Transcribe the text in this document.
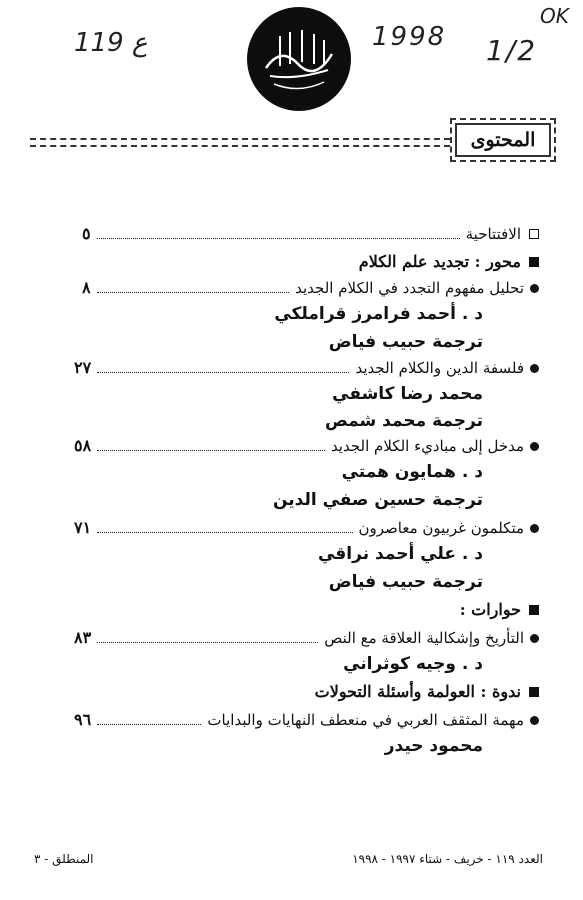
119 ع	1998 1/2
OK
المحتوى
الافتتاحية
٥
محور : تجديد علم الكلام
تحليل مفهوم التجدد في الكلام الجديد
٨
د . أحمد فرامرز قراملكي
ترجمة حبيب فياض
فلسفة الدين والكلام الجديد
٢٧
محمد رضا كاشفي
ترجمة محمد شمص
مدخل إلى مباديء الكلام الجديد
٥٨
د . همايون همتي
ترجمة حسين صفي الدين
متكلمون غربيون معاصرون
٧١
د . علي أحمد نراقي
ترجمة حبيب فياض
حوارات :
التأريخ وإشكالية العلاقة مع النص
٨٣
د . وجيه كوثراني
ندوة : العولمة وأسئلة التحولات
مهمة المثقف العربي في منعطف النهايات والبدايات
٩٦
محمود حيدر
المنطلق - ٣	العدد ١١٩ - خريف - شتاء ١٩٩٧ - ١٩٩٨
